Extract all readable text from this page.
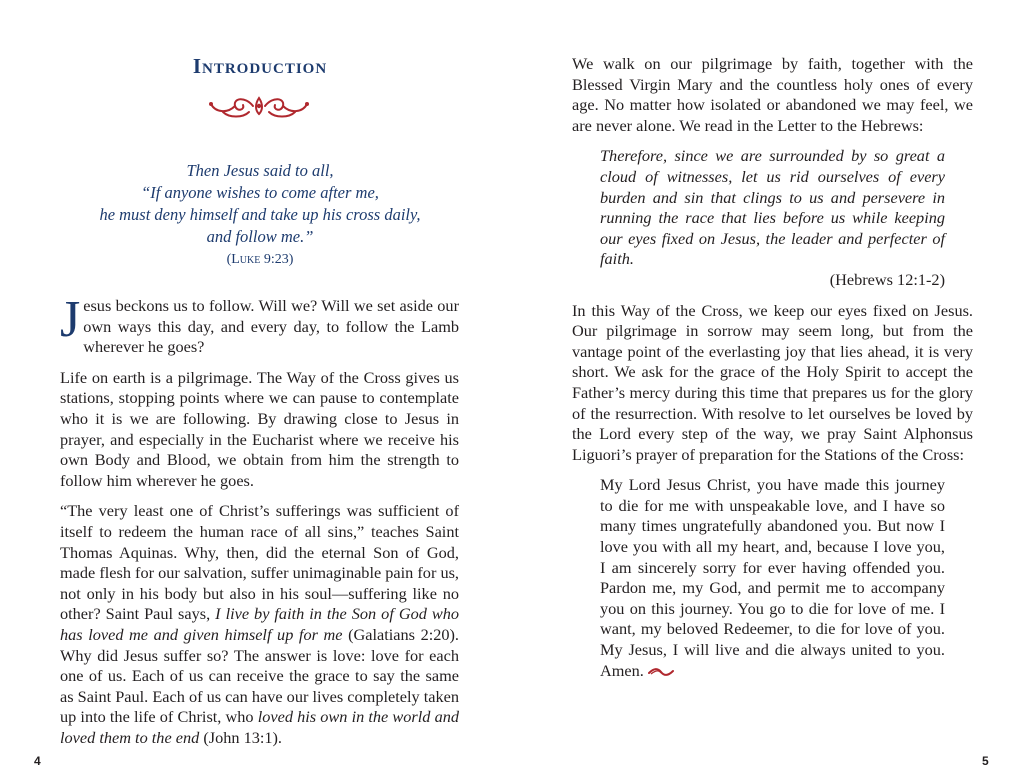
Introduction
Then Jesus said to all,
“If anyone wishes to come after me,
he must deny himself and take up his cross daily,
and follow me.”
(Luke 9:23)

Jesus beckons us to follow. Will we? Will we set aside our own ways this day, and every day, to follow the Lamb wherever he goes?

Life on earth is a pilgrimage. The Way of the Cross gives us stations, stopping points where we can pause to contemplate who it is we are following. By drawing close to Jesus in prayer, and especially in the Eucharist where we receive his own Body and Blood, we obtain from him the strength to follow him wherever he goes.

“The very least one of Christ’s sufferings was sufficient of itself to redeem the human race of all sins,” teaches Saint Thomas Aquinas. Why, then, did the eternal Son of God, made flesh for our salvation, suffer unimaginable pain for us, not only in his body but also in his soul—suffering like no other? Saint Paul says, I live by faith in the Son of God who has loved me and given himself up for me (Galatians 2:20). Why did Jesus suffer so? The answer is love: love for each one of us. Each of us can receive the grace to say the same as Saint Paul. Each of us can have our lives completely taken up into the life of Christ, who loved his own in the world and loved them to the end (John 13:1).

4

We walk on our pilgrimage by faith, together with the Blessed Virgin Mary and the countless holy ones of every age. No matter how isolated or abandoned we may feel, we are never alone. We read in the Letter to the Hebrews:

Therefore, since we are surrounded by so great a cloud of witnesses, let us rid ourselves of every burden and sin that clings to us and persevere in running the race that lies before us while keeping our eyes fixed on Jesus, the leader and perfecter of faith.

(Hebrews 12:1-2)

In this Way of the Cross, we keep our eyes fixed on Jesus. Our pilgrimage in sorrow may seem long, but from the vantage point of the everlasting joy that lies ahead, it is very short. We ask for the grace of the Holy Spirit to accept the Father’s mercy during this time that prepares us for the glory of the resurrection. With resolve to let ourselves be loved by the Lord every step of the way, we pray Saint Alphonsus Liguori’s prayer of preparation for the Stations of the Cross:

My Lord Jesus Christ, you have made this journey to die for me with unspeakable love, and I have so many times ungratefully abandoned you. But now I love you with all my heart, and, because I love you, I am sincerely sorry for ever having offended you. Pardon me, my God, and permit me to accompany you on this journey. You go to die for love of me. I want, my beloved Redeemer, to die for love of you. My Jesus, I will live and die always united to you. Amen.

5
